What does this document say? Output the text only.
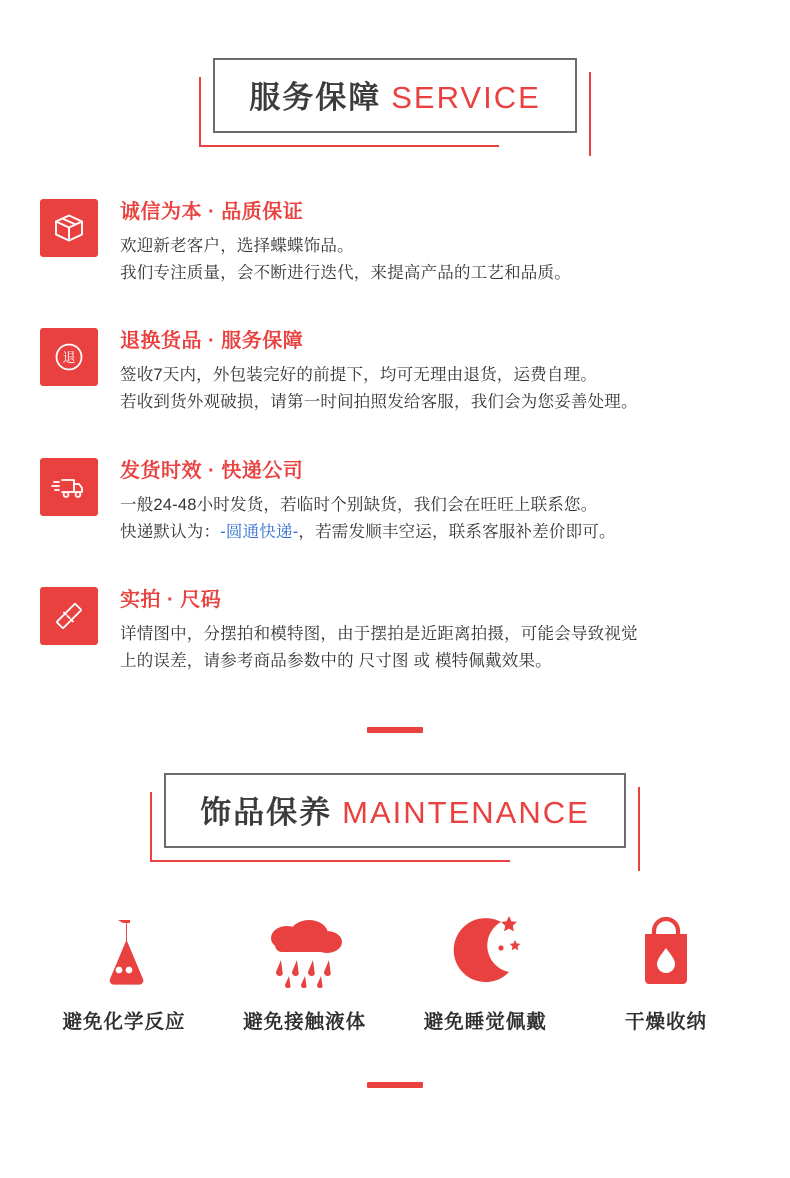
服务保障 SERVICE
诚信为本 · 品质保证
欢迎新老客户，选择蝶蝶饰品。
我们专注质量，会不断进行迭代，来提高产品的工艺和品质。
退
退换货品 · 服务保障
签收7天内，外包装完好的前提下，均可无理由退货，运费自理。
若收到货外观破损，请第一时间拍照发给客服，我们会为您妥善处理。
发货时效 · 快递公司
一般24-48小时发货，若临时个别缺货，我们会在旺旺上联系您。
快递默认为：-圆通快递-，若需发顺丰空运，联系客服补差价即可。
实拍 · 尺码
详情图中，分摆拍和模特图，由于摆拍是近距离拍摄，可能会导致视觉
上的误差，请参考商品参数中的 尺寸图 或 模特佩戴效果。
饰品保养 MAINTENANCE
避免化学反应	避免接触液体	避免睡觉佩戴	干燥收纳
